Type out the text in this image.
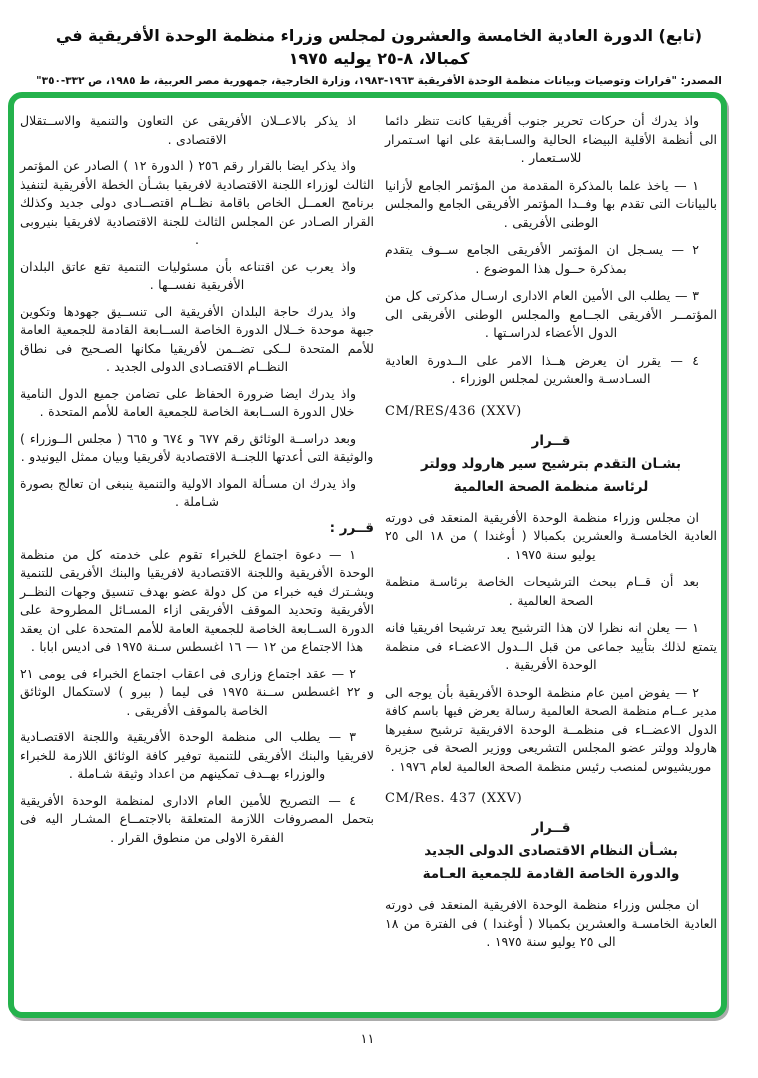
(تابع) الدورة العادية الخامسة والعشرون لمجلس وزراء منظمة الوحدة الأفريقية في كمبالا، ٨-٢٥ يوليه ١٩٧٥
المصدر: "قرارات وتوصيات وبيانات منظمة الوحدة الأفريقية ١٩٦٣-١٩٨٣، وزارة الخارجية، جمهورية مصر العربية، ط ١٩٨٥، ص ٣٣٢-٣٥٠"

اذ يذكر بالاعــلان الأفريقى عن التعاون والتنمية والاســتقلال الاقتصادى .

واذ يذكر ايضا بالقرار رقم ٢٥٦ ( الدورة ١٢ ) الصادر عن المؤتمر الثالث لوزراء اللجنة الاقتصادية لافريقيا بشـأن الخطة الأفريقية لتنفيذ برنامج العمــل الخاص باقامة نظــام اقتصــادى دولى جديد وكذلك القرار الصـادر عن المجلس الثالث للجنة الاقتصادية لافريقيا بنيروبى .

واذ يعرب عن اقتناعه بأن مسئوليات التنمية تقع عاتق البلدان الأفريقية نفســها .

واذ يدرك حاجة البلدان الأفريقية الى تنســيق جهودها وتكوين جبهة موحدة خــلال الدورة الخاصة الســابعة القادمة للجمعية العامة للأمم المتحدة لــكى تضــمن لأفريقيا مكانها الصـحيح فى نطاق النظــام الاقتصـادى الدولى الجديد .

واذ يدرك ايضا ضرورة الحفاظ على تضامن جميع الدول النامية خلال الدورة الســابعة الخاصة للجمعية العامة للأمم المتحدة .

وبعد دراســة الوثائق رقم ٦٧٧ و ٦٧٤ و ٦٦٥ ( مجلس الــوزراء ) والوثيقة التى أعدتها اللجنــة الاقتصادية لأفريقيا وبيان ممثل اليونيدو .

واذ يدرك ان مسـألة المواد الاولية والتنمية ينبغى ان تعالج بصورة شـاملة .

قــرر :

١ — دعوة اجتماع للخبراء تقوم على خدمته كل من منظمة الوحدة الأفريقية واللجنة الاقتصادية لافريقيا والبنك الأفريقى للتنمية ويشـترك فيه خبراء من كل دولة عضو بهدف تنسيق وجهات النظــر الأفريقية وتحديد الموقف الأفريقى ازاء المسـائل المطروحة على الدورة الســابعة الخاصة للجمعية العامة للأمم المتحدة على ان يعقد هذا الاجتماع من ١٢ — ١٦ اغسطس سـنة ١٩٧٥ فى اديس ابابا .

٢ — عقد اجتماع وزارى فى اعقاب اجتماع الخبراء فى يومى ٢١ و ٢٢ اغسطس ســنة ١٩٧٥ فى ليما ( بيرو ) لاستكمال الوثائق الخاصة بالموقف الأفريقى .

٣ — يطلب الى منظمة الوحدة الأفريقية واللجنة الاقتصـادية لافريقيا والبنك الأفريقى للتنمية توفير كافة الوثائق اللازمة للخبراء والوزراء بهــدف تمكينهم من اعداد وثيقة شـاملة .

٤ — التصريح للأمين العام الادارى لمنظمة الوحدة الأفريقية بتحمل المصروفات اللازمة المتعلقة بالاجتمــاع المشـار اليه فى الفقرة الاولى من منطوق القرار .

واذ يدرك أن حركات تحرير جنوب أفريقيا كانت تنظر دائما الى أنظمة الأقلية البيضاء الحالية والسـابقة على انها اسـتمرار للاسـتعمار .

١ — ياخذ علما بالمذكرة المقدمة من المؤتمر الجامع لأزانيا بالبيانات التى تقدم بها وفــدا المؤتمر الأفريقى الجامع والمجلس الوطنى الأفريقى .

٢ — يسـجل ان المؤتمر الأفريقى الجامع ســوف يتقدم بمذكرة حــول هذا الموضوع .

٣ — يطلب الى الأمين العام الادارى ارسـال مذكرتى كل من المؤتمــر الأفريقى الجــامع والمجلس الوطنى الأفريقى الى الدول الأعضاء لدراسـتها .

٤ — يقرر ان يعرض هــذا الامر على الــدورة العادية السـادسـة والعشرين لمجلس الوزراء .

CM/RES/436 (XXV)
قــرار
بشـان التقدم بترشيح سير هارولد وولتر
لرئاسة منظمة الصحة العالمية

ان مجلس وزراء منظمة الوحدة الأفريقية المنعقد فى دورته العادية الخامسـة والعشرين بكمبالا ( أوغندا ) من ١٨ الى ٢٥ يوليو سنة ١٩٧٥ .

بعد أن قــام ببحث الترشيحات الخاصة برئاسـة منظمة الصحة العالمية .

١ — يعلن انه نظرا لان هذا الترشيح يعد ترشيحا افريقيا فانه يتمتع لذلك بتأييد جماعى من قبل الــدول الاعضـاء فى منظمة الوحدة الأفريقية .

٢ — يفوض امين عام منظمة الوحدة الأفريقية بأن يوجه الى مدير عــام منظمة الصحة العالمية رسالة يعرض فيها باسم كافة الدول الاعضــاء فى منظمــة الوحدة الافريقية ترشيح سفيرها هارولد وولتر عضو المجلس التشريعى ووزير الصحة فى جزيرة موريشيوس لمنصب رئيس منظمة الصحة العالمية لعام ١٩٧٦ .

CM/Res. 437 (XXV)
قــرار
بشـأن النظام الاقتصادى الدولى الجديد
والدورة الخاصة القادمة للجمعية العـامة

ان مجلس وزراء منظمة الوحدة الافريقية المنعقد فى دورته العادية الخامسـة والعشرين بكمبالا ( أوغندا ) فى الفترة من ١٨ الى ٢٥ يوليو سنة ١٩٧٥ .

١١
